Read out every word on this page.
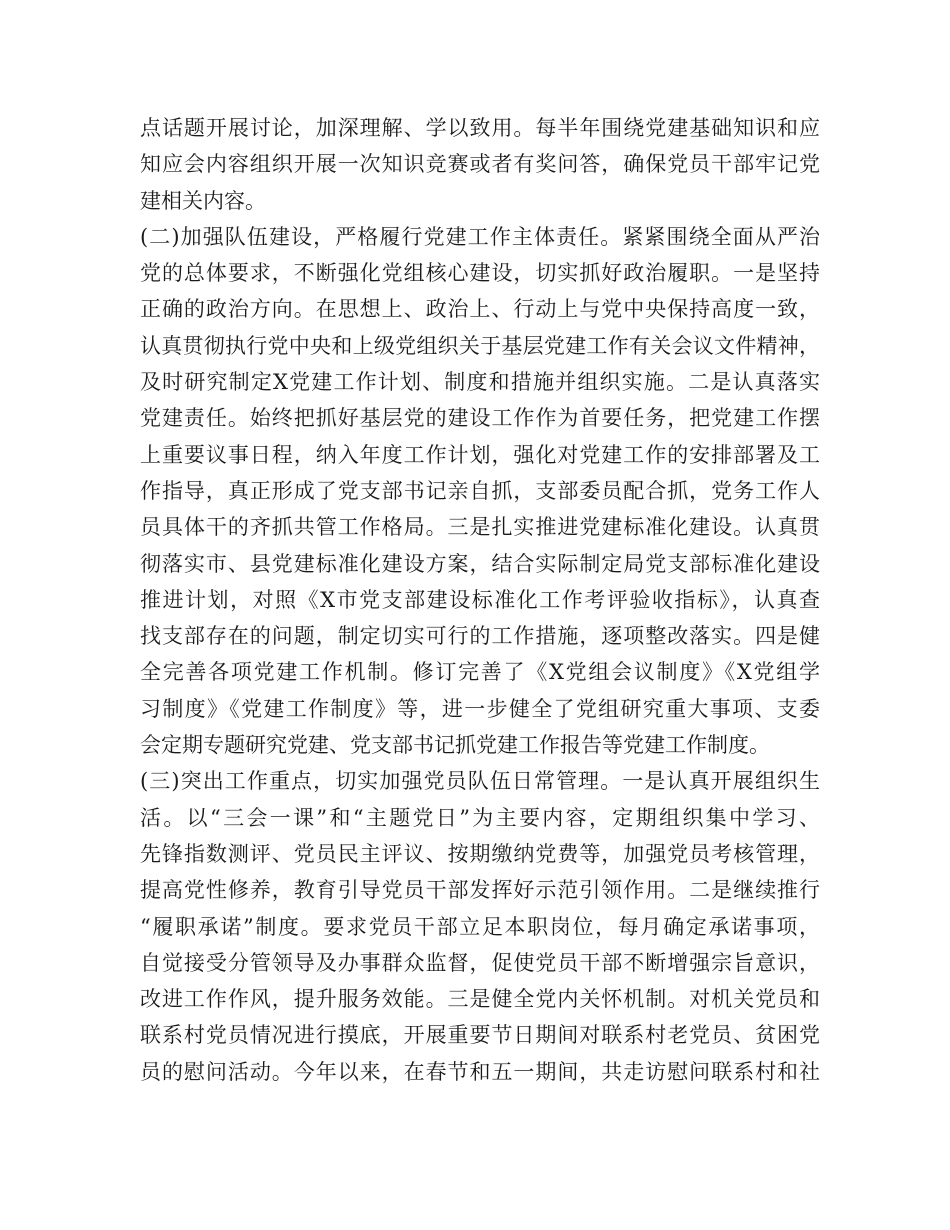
点话题开展讨论，加深理解、学以致用。每半年围绕党建基础知识和应
知应会内容组织开展一次知识竞赛或者有奖问答，确保党员干部牢记党
建相关内容。
(二)加强队伍建设，严格履行党建工作主体责任。紧紧围绕全面从严治
党的总体要求，不断强化党组核心建设，切实抓好政治履职。一是坚持
正确的政治方向。在思想上、政治上、行动上与党中央保持高度一致，
认真贯彻执行党中央和上级党组织关于基层党建工作有关会议文件精神，
及时研究制定X党建工作计划、制度和措施并组织实施。二是认真落实
党建责任。始终把抓好基层党的建设工作作为首要任务，把党建工作摆
上重要议事日程，纳入年度工作计划，强化对党建工作的安排部署及工
作指导，真正形成了党支部书记亲自抓，支部委员配合抓，党务工作人
员具体干的齐抓共管工作格局。三是扎实推进党建标准化建设。认真贯
彻落实市、县党建标准化建设方案，结合实际制定局党支部标准化建设
推进计划，对照《X市党支部建设标准化工作考评验收指标》，认真查
找支部存在的问题，制定切实可行的工作措施，逐项整改落实。四是健
全完善各项党建工作机制。修订完善了《X党组会议制度》《X党组学
习制度》《党建工作制度》等，进一步健全了党组研究重大事项、支委
会定期专题研究党建、党支部书记抓党建工作报告等党建工作制度。
(三)突出工作重点，切实加强党员队伍日常管理。一是认真开展组织生
活。以“三会一课”和“主题党日”为主要内容，定期组织集中学习、
先锋指数测评、党员民主评议、按期缴纳党费等，加强党员考核管理，
提高党性修养，教育引导党员干部发挥好示范引领作用。二是继续推行
“履职承诺”制度。要求党员干部立足本职岗位，每月确定承诺事项，
自觉接受分管领导及办事群众监督，促使党员干部不断增强宗旨意识，
改进工作作风，提升服务效能。三是健全党内关怀机制。对机关党员和
联系村党员情况进行摸底，开展重要节日期间对联系村老党员、贫困党
员的慰问活动。今年以来，在春节和五一期间，共走访慰问联系村和社
